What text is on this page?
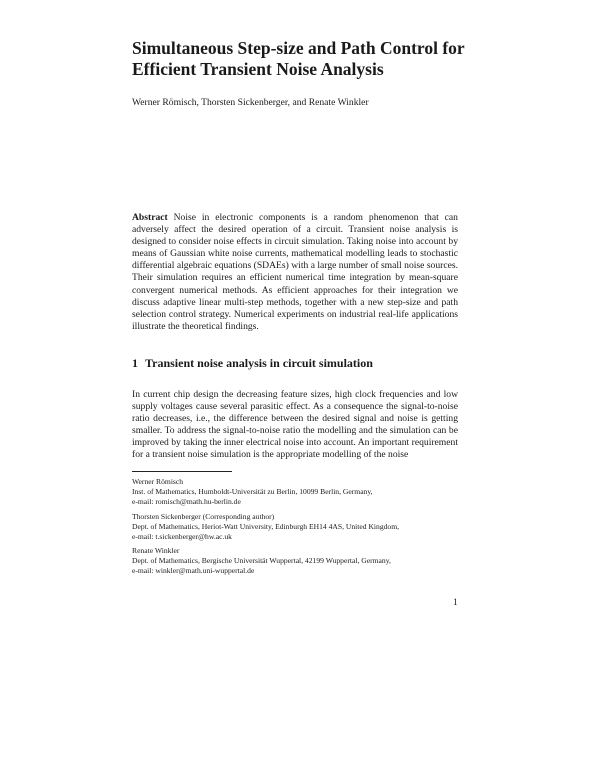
Simultaneous Step-size and Path Control for Efficient Transient Noise Analysis
Werner Römisch, Thorsten Sickenberger, and Renate Winkler

Abstract Noise in electronic components is a random phenomenon that can adversely affect the desired operation of a circuit. Transient noise analysis is designed to consider noise effects in circuit simulation. Taking noise into account by means of Gaussian white noise currents, mathematical modelling leads to stochastic differential algebraic equations (SDAEs) with a large number of small noise sources. Their simulation requires an efficient numerical time integration by mean-square convergent numerical methods. As efficient approaches for their integration we discuss adaptive linear multi-step methods, together with a new step-size and path selection control strategy. Numerical experiments on industrial real-life applications illustrate the theoretical findings.

1 Transient noise analysis in circuit simulation

In current chip design the decreasing feature sizes, high clock frequencies and low supply voltages cause several parasitic effect. As a consequence the signal-to-noise ratio decreases, i.e., the difference between the desired signal and noise is getting smaller. To address the signal-to-noise ratio the modelling and the simulation can be improved by taking the inner electrical noise into account. An important requirement for a transient noise simulation is the appropriate modelling of the noise

Werner Römisch
Inst. of Mathematics, Humboldt-Universität zu Berlin, 10099 Berlin, Germany,
e-mail: romisch@math.hu-berlin.de
Thorsten Sickenberger (Corresponding author)
Dept. of Mathematics, Heriot-Watt University, Edinburgh EH14 4AS, United Kingdom,
e-mail: t.sickenberger@hw.ac.uk
Renate Winkler
Dept. of Mathematics, Bergische Universität Wuppertal, 42199 Wuppertal, Germany,
e-mail: winkler@math.uni-wuppertal.de
1
